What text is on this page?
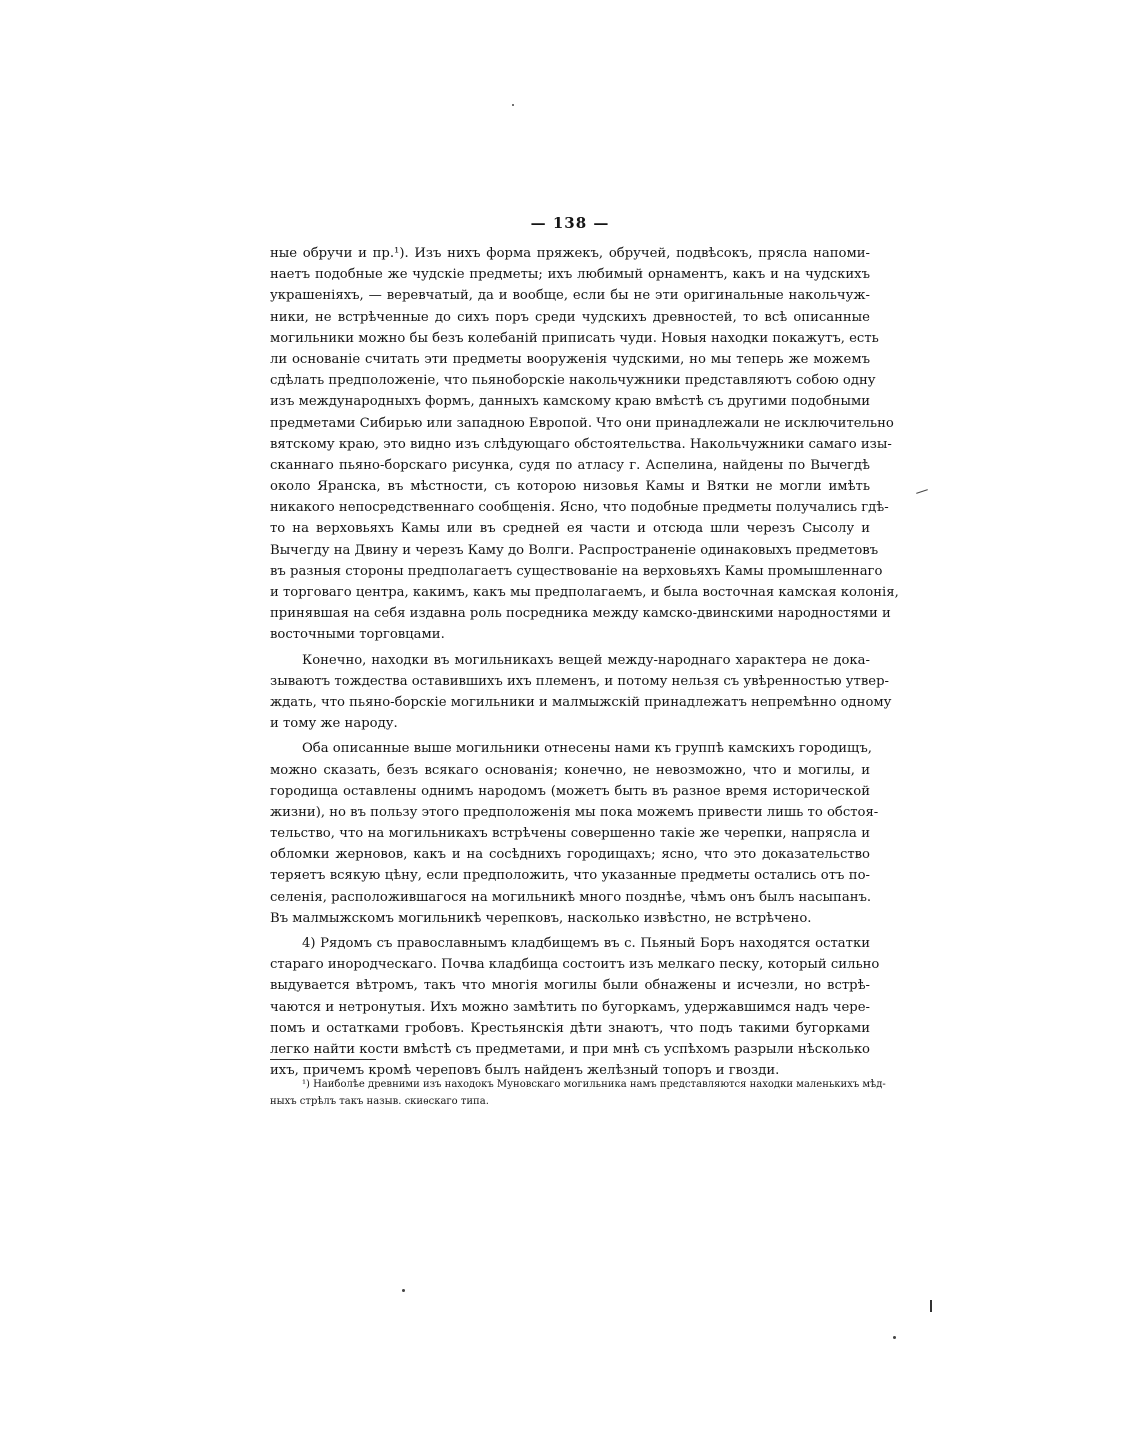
— 138 —
ные обручи и пр.¹). Изъ нихъ форма пряжекъ, обручей, подвѣсокъ, прясла напоми-
наетъ подобные же чудскіе предметы; ихъ любимый орнаментъ, какъ и на чудскихъ
украшеніяхъ, — веревчатый, да и вообще, если бы не эти оригинальные накольчуж-
ники, не встрѣченные до сихъ поръ среди чудскихъ древностей, то всѣ описанные
могильники можно бы безъ колебаній приписать чуди. Новыя находки покажутъ, есть
ли основаніе считать эти предметы вооруженія чудскими, но мы теперь же можемъ
сдѣлать предположеніе, что пьяноборскіе накольчужники представляютъ собою одну
изъ международныхъ формъ, данныхъ камскому краю вмѣстѣ съ другими подобными
предметами Сибирью или западною Европой. Что они принадлежали не исключительно
вятскому краю, это видно изъ слѣдующаго обстоятельства. Накольчужники самаго изы-
сканнаго пьяно-борскаго рисунка, судя по атласу г. Аспелина, найдены по Вычегдѣ
около Яранска, въ мѣстности, съ которою низовья Камы и Вятки не могли имѣть
никакого непосредственнаго сообщенія. Ясно, что подобные предметы получались гдѣ-
то на верховьяхъ Камы или въ средней ея части и отсюда шли черезъ Сысолу и
Вычегду на Двину и черезъ Каму до Волги. Распространеніе одинаковыхъ предметовъ
въ разныя стороны предполагаетъ существованіе на верховьяхъ Камы промышленнаго
и торговаго центра, какимъ, какъ мы предполагаемъ, и была восточная камская колонія,
принявшая на себя издавна роль посредника между камско-двинскими народностями и
восточными торговцами.
Конечно, находки въ могильникахъ вещей между-народнаго характера не дока-
зываютъ тождества оставившихъ ихъ племенъ, и потому нельзя съ увѣренностью утвер-
ждать, что пьяно-борскіе могильники и малмыжскій принадлежатъ непремѣнно одному
и тому же народу.
Оба описанные выше могильники отнесены нами къ группѣ камскихъ городищъ,
можно сказать, безъ всякаго основанія; конечно, не невозможно, что и могилы, и
городища оставлены однимъ народомъ (можетъ быть въ разное время исторической
жизни), но въ пользу этого предположенія мы пока можемъ привести лишь то обстоя-
тельство, что на могильникахъ встрѣчены совершенно такіе же черепки, напрясла и
обломки жерновов, какъ и на сосѣднихъ городищахъ; ясно, что это доказательство
теряетъ всякую цѣну, если предположить, что указанные предметы остались отъ по-
селенія, расположившагося на могильникѣ много позднѣе, чѣмъ онъ былъ насыпанъ.
Въ малмыжскомъ могильникѣ черепковъ, насколько извѣстно, не встрѣчено.
4) Рядомъ съ православнымъ кладбищемъ въ с. Пьяный Боръ находятся остатки
стараго инородческаго. Почва кладбища состоитъ изъ мелкаго песку, который сильно
выдувается вѣтромъ, такъ что многія могилы были обнажены и исчезли, но встрѣ-
чаются и нетронутыя. Ихъ можно замѣтить по бугоркамъ, удержавшимся надъ чере-
помъ и остатками гробовъ. Крестьянскія дѣти знаютъ, что подъ такими бугорками
легко найти кости вмѣстѣ съ предметами, и при мнѣ съ успѣхомъ разрыли нѣсколько
ихъ, причемъ кромѣ череповъ былъ найденъ желѣзный топоръ и гвозди.
¹) Наиболѣе древними изъ находокъ Муновскаго могильника намъ представляются находки маленькихъ мѣд-
ныхъ стрѣлъ такъ назыв. скиѳскаго типа.
